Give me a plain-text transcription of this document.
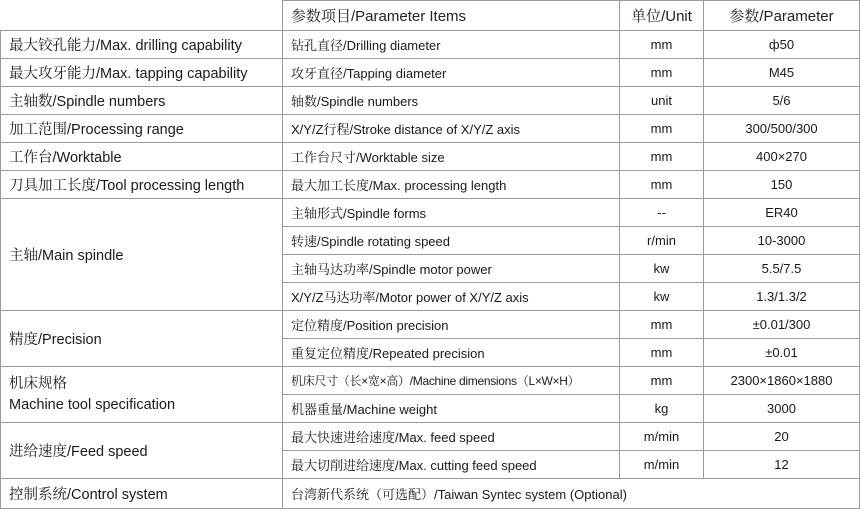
	参数项目/Parameter Items	单位/Unit	参数/Parameter
最大铰孔能力/Max. drilling capability	钻孔直径/Drilling diameter	mm	ф50
最大攻牙能力/Max. tapping capability	攻牙直径/Tapping diameter	mm	M45
主轴数/Spindle numbers	轴数/Spindle numbers	unit	5/6
加工范围/Processing range	X/Y/Z行程/Stroke distance of X/Y/Z axis	mm	300/500/300
工作台/Worktable	工作台尺寸/Worktable size	mm	400×270
刀具加工长度/Tool processing length	最大加工长度/Max. processing length	mm	150
主轴/Main spindle	主轴形式/Spindle forms	--	ER40
	转速/Spindle rotating speed	r/min	10-3000
	主轴马达功率/Spindle motor power	kw	5.5/7.5
	X/Y/Z马达功率/Motor power of X/Y/Z axis	kw	1.3/1.3/2
精度/Precision	定位精度/Position precision	mm	±0.01/300
	重复定位精度/Repeated precision	mm	±0.01

机床规格
Machine tool specification	机床尺寸（长×宽×高）/Machine dimensions（L×W×H）	mm	2300×1860×1880
	机器重量/Machine weight	kg	3000
进给速度/Feed speed	最大快速进给速度/Max. feed speed	m/min	20
	最大切削进给速度/Max. cutting feed speed	m/min	12
控制系统/Control system	台湾新代系统（可选配）/Taiwan Syntec system (Optional)		
